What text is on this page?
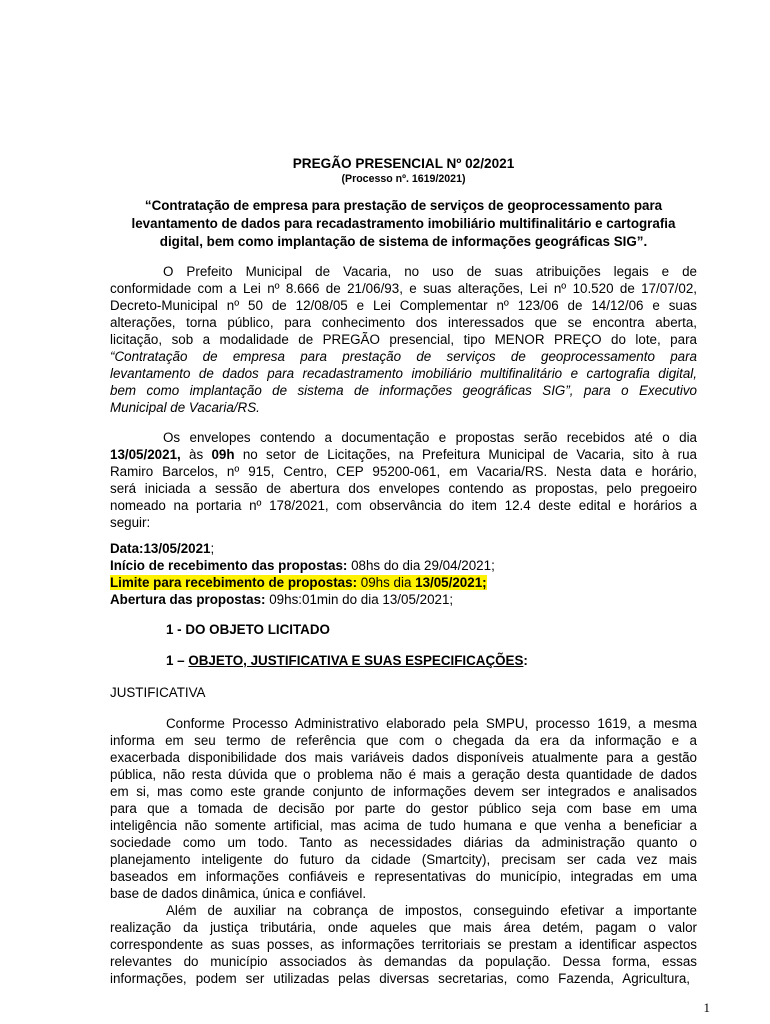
PREGÃO PRESENCIAL Nº 02/2021
(Processo nº. 1619/2021)
“Contratação de empresa para prestação de serviços de geoprocessamento para
levantamento de dados para recadastramento imobiliário multifinalitário e cartografia
digital, bem como implantação de sistema de informações geográficas SIG”.
O Prefeito Municipal de Vacaria, no uso de suas atribuições legais e de
conformidade com a Lei nº 8.666 de 21/06/93, e suas alterações, Lei nº 10.520 de 17/07/02,
Decreto-Municipal nº 50 de 12/08/05 e Lei Complementar nº 123/06 de 14/12/06 e suas
alterações, torna público, para conhecimento dos interessados que se encontra aberta,
licitação, sob a modalidade de PREGÃO presencial, tipo MENOR PREÇO do lote, para
“Contratação de empresa para prestação de serviços de geoprocessamento para
levantamento de dados para recadastramento imobiliário multifinalitário e cartografia digital,
bem como implantação de sistema de informações geográficas SIG”, para o Executivo
Municipal de Vacaria/RS.
Os envelopes contendo a documentação e propostas serão recebidos até o dia
13/05/2021, às 09h no setor de Licitações, na Prefeitura Municipal de Vacaria, sito à rua
Ramiro Barcelos, nº 915, Centro, CEP 95200-061, em Vacaria/RS. Nesta data e horário,
será iniciada a sessão de abertura dos envelopes contendo as propostas, pelo pregoeiro
nomeado na portaria nº 178/2021, com observância do item 12.4 deste edital e horários a
seguir:
Data:13/05/2021;
Início de recebimento das propostas: 08hs do dia 29/04/2021;
Limite para recebimento de propostas: 09hs dia 13/05/2021;
Abertura das propostas: 09hs:01min do dia 13/05/2021;
1 - DO OBJETO LICITADO
1 – OBJETO, JUSTIFICATIVA E SUAS ESPECIFICAÇÕES:
JUSTIFICATIVA
Conforme Processo Administrativo elaborado pela SMPU, processo 1619, a mesma
informa em seu termo de referência que com o chegada da era da informação e a
exacerbada disponibilidade dos mais variáveis dados disponíveis atualmente para a gestão
pública, não resta dúvida que o problema não é mais a geração desta quantidade de dados
em si, mas como este grande conjunto de informações devem ser integrados e analisados
para que a tomada de decisão por parte do gestor público seja com base em uma
inteligência não somente artificial, mas acima de tudo humana e que venha a beneficiar a
sociedade como um todo. Tanto as necessidades diárias da administração quanto o
planejamento inteligente do futuro da cidade (Smartcity), precisam ser cada vez mais
baseados em informações confiáveis e representativas do município, integradas em uma
base de dados dinâmica, única e confiável.
Além de auxiliar na cobrança de impostos, conseguindo efetivar a importante
realização da justiça tributária, onde aqueles que mais área detém, pagam o valor
correspondente as suas posses, as informações territoriais se prestam a identificar aspectos
relevantes do município associados às demandas da população. Dessa forma, essas
informações, podem ser utilizadas pelas diversas secretarias, como Fazenda, Agricultura,
1
